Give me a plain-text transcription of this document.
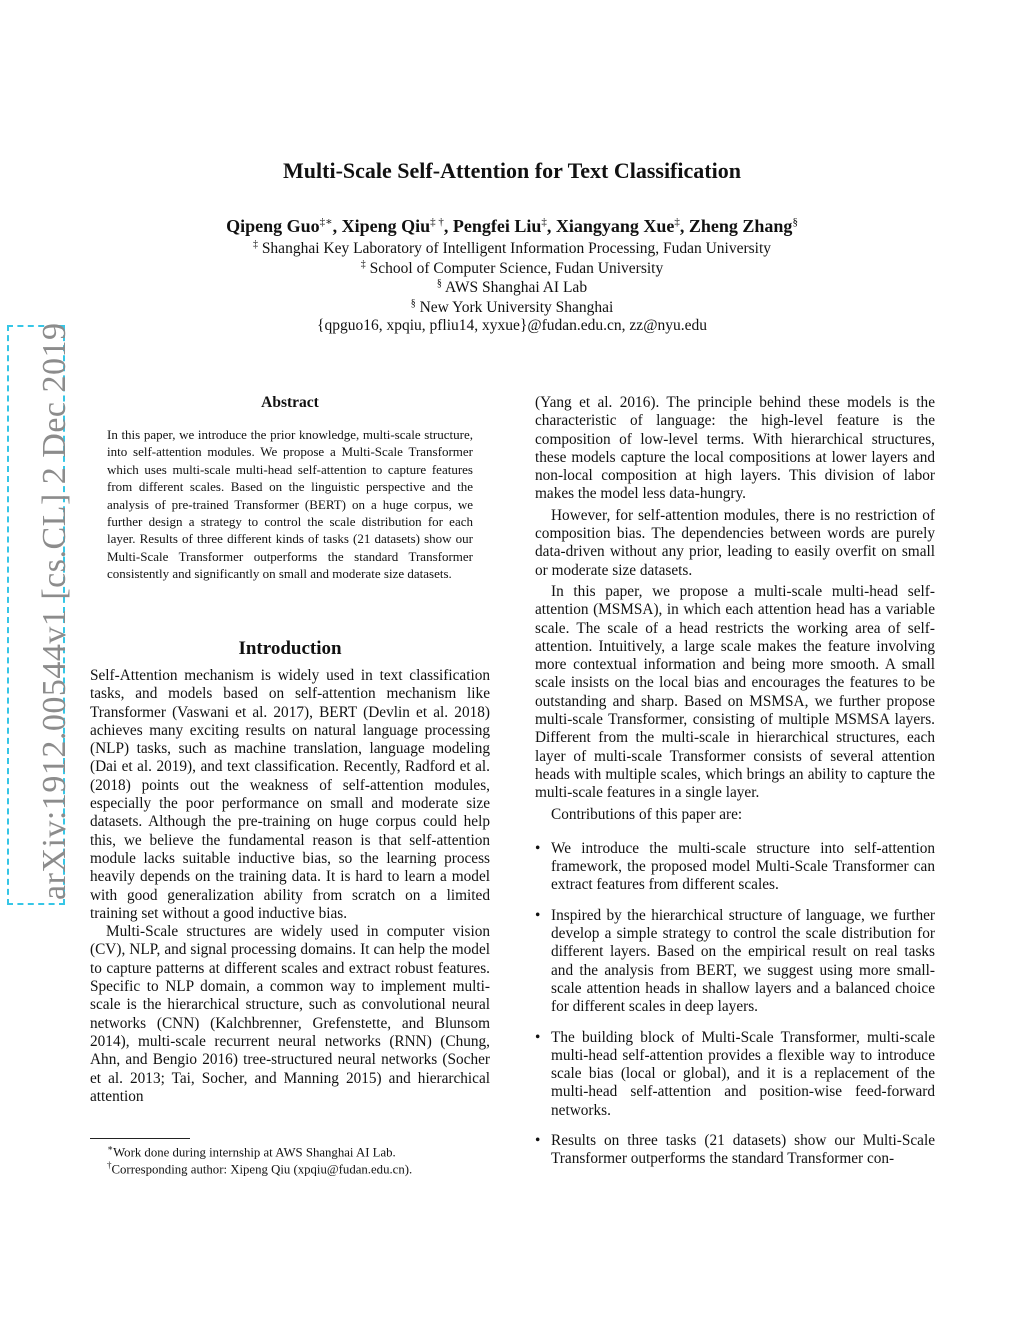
arXiv:1912.00544v1 [cs.CL] 2 Dec 2019
Multi-Scale Self-Attention for Text Classification
Qipeng Guo‡∗, Xipeng Qiu‡ †, Pengfei Liu‡, Xiangyang Xue‡, Zheng Zhang§
‡ Shanghai Key Laboratory of Intelligent Information Processing, Fudan University
‡ School of Computer Science, Fudan University
§ AWS Shanghai AI Lab
§ New York University Shanghai
{qpguo16, xpqiu, pfliu14, xyxue}@fudan.edu.cn, zz@nyu.edu
Abstract
In this paper, we introduce the prior knowledge, multi-scale structure, into self-attention modules. We propose a Multi-Scale Transformer which uses multi-scale multi-head self-attention to capture features from different scales. Based on the linguistic perspective and the analysis of pre-trained Transformer (BERT) on a huge corpus, we further design a strategy to control the scale distribution for each layer. Results of three different kinds of tasks (21 datasets) show our Multi-Scale Transformer outperforms the standard Transformer consistently and significantly on small and moderate size datasets.
Introduction

Self-Attention mechanism is widely used in text classification tasks, and models based on self-attention mechanism like Transformer (Vaswani et al. 2017), BERT (Devlin et al. 2018) achieves many exciting results on natural language processing (NLP) tasks, such as machine translation, language modeling (Dai et al. 2019), and text classification. Recently, Radford et al. (2018) points out the weakness of self-attention modules, especially the poor performance on small and moderate size datasets. Although the pre-training on huge corpus could help this, we believe the fundamental reason is that self-attention module lacks suitable inductive bias, so the learning process heavily depends on the training data. It is hard to learn a model with good generalization ability from scratch on a limited training set without a good inductive bias.

Multi-Scale structures are widely used in computer vision (CV), NLP, and signal processing domains. It can help the model to capture patterns at different scales and extract robust features. Specific to NLP domain, a common way to implement multi-scale is the hierarchical structure, such as convolutional neural networks (CNN) (Kalchbrenner, Grefenstette, and Blunsom 2014), multi-scale recurrent neural networks (RNN) (Chung, Ahn, and Bengio 2016) tree-structured neural networks (Socher et al. 2013; Tai, Socher, and Manning 2015) and hierarchical attention

(Yang et al. 2016). The principle behind these models is the characteristic of language: the high-level feature is the composition of low-level terms. With hierarchical structures, these models capture the local compositions at lower layers and non-local composition at high layers. This division of labor makes the model less data-hungry.

However, for self-attention modules, there is no restriction of composition bias. The dependencies between words are purely data-driven without any prior, leading to easily overfit on small or moderate size datasets.

In this paper, we propose a multi-scale multi-head self-attention (MSMSA), in which each attention head has a variable scale. The scale of a head restricts the working area of self-attention. Intuitively, a large scale makes the feature involving more contextual information and being more smooth. A small scale insists on the local bias and encourages the features to be outstanding and sharp. Based on MSMSA, we further propose multi-scale Transformer, consisting of multiple MSMSA layers. Different from the multi-scale in hierarchical structures, each layer of multi-scale Transformer consists of several attention heads with multiple scales, which brings an ability to capture the multi-scale features in a single layer.

Contributions of this paper are:

• We introduce the multi-scale structure into self-attention framework, the proposed model Multi-Scale Transformer can extract features from different scales.
• Inspired by the hierarchical structure of language, we further develop a simple strategy to control the scale distribution for different layers. Based on the empirical result on real tasks and the analysis from BERT, we suggest using more small-scale attention heads in shallow layers and a balanced choice for different scales in deep layers.
• The building block of Multi-Scale Transformer, multi-scale multi-head self-attention provides a flexible way to introduce scale bias (local or global), and it is a replacement of the multi-head self-attention and position-wise feed-forward networks.
• Results on three tasks (21 datasets) show our Multi-Scale Transformer outperforms the standard Transformer con-
∗Work done during internship at AWS Shanghai AI Lab.
†Corresponding author: Xipeng Qiu (xpqiu@fudan.edu.cn).
